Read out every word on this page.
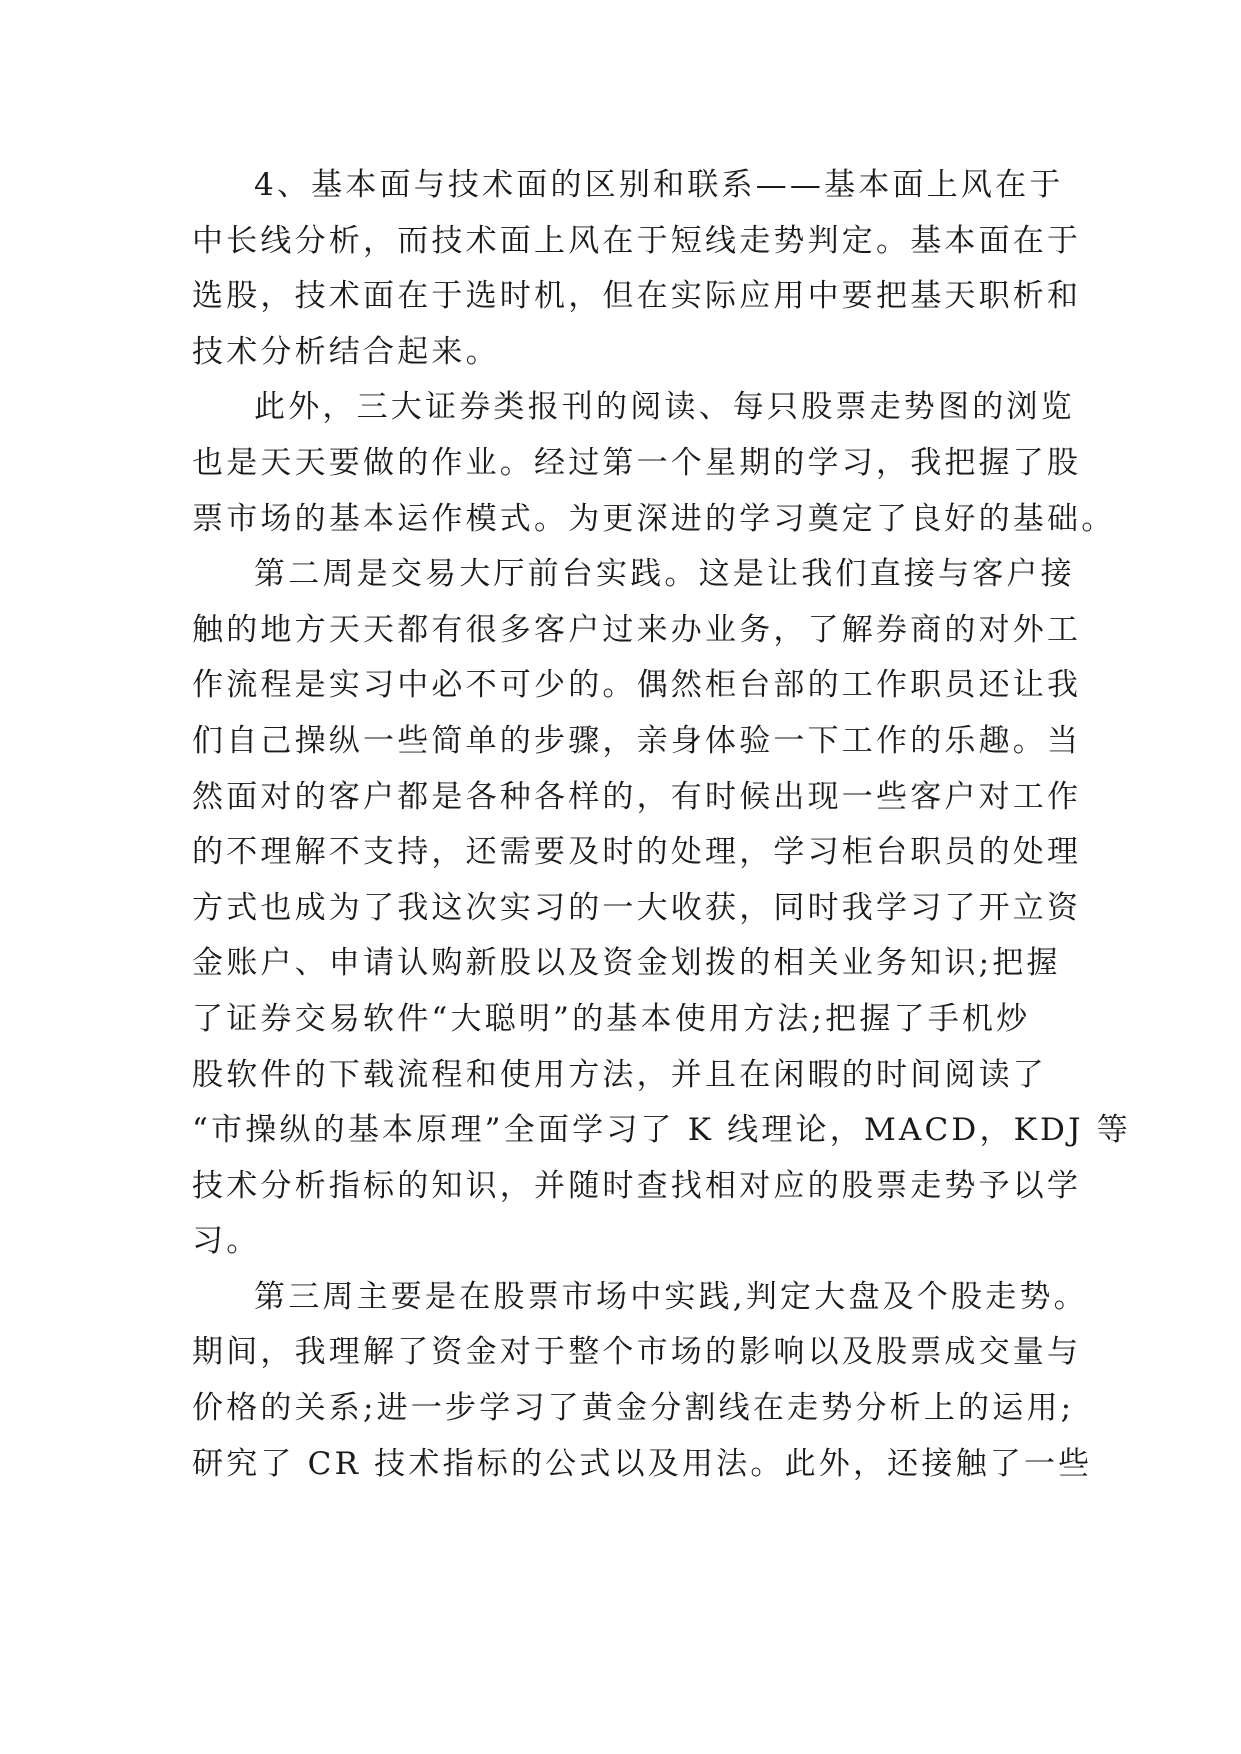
4、基本面与技术面的区别和联系——基本面上风在于
中长线分析，而技术面上风在于短线走势判定。基本面在于
选股，技术面在于选时机，但在实际应用中要把基天职析和
技术分析结合起来。

此外，三大证券类报刊的阅读、每只股票走势图的浏览
也是天天要做的作业。经过第一个星期的学习，我把握了股
票市场的基本运作模式。为更深进的学习奠定了良好的基础。

第二周是交易大厅前台实践。这是让我们直接与客户接
触的地方天天都有很多客户过来办业务，了解券商的对外工
作流程是实习中必不可少的。偶然柜台部的工作职员还让我
们自己操纵一些简单的步骤，亲身体验一下工作的乐趣。当
然面对的客户都是各种各样的，有时候出现一些客户对工作
的不理解不支持，还需要及时的处理，学习柜台职员的处理
方式也成为了我这次实习的一大收获，同时我学习了开立资
金账户、申请认购新股以及资金划拨的相关业务知识;把握
了证券交易软件“大聪明”的基本使用方法;把握了手机炒
股软件的下载流程和使用方法，并且在闲暇的时间阅读了
“市操纵的基本原理”全面学习了 K 线理论，MACD，KDJ 等
技术分析指标的知识，并随时查找相对应的股票走势予以学
习。

第三周主要是在股票市场中实践,判定大盘及个股走势。
期间，我理解了资金对于整个市场的影响以及股票成交量与
价格的关系;进一步学习了黄金分割线在走势分析上的运用;
研究了 CR 技术指标的公式以及用法。此外，还接触了一些
